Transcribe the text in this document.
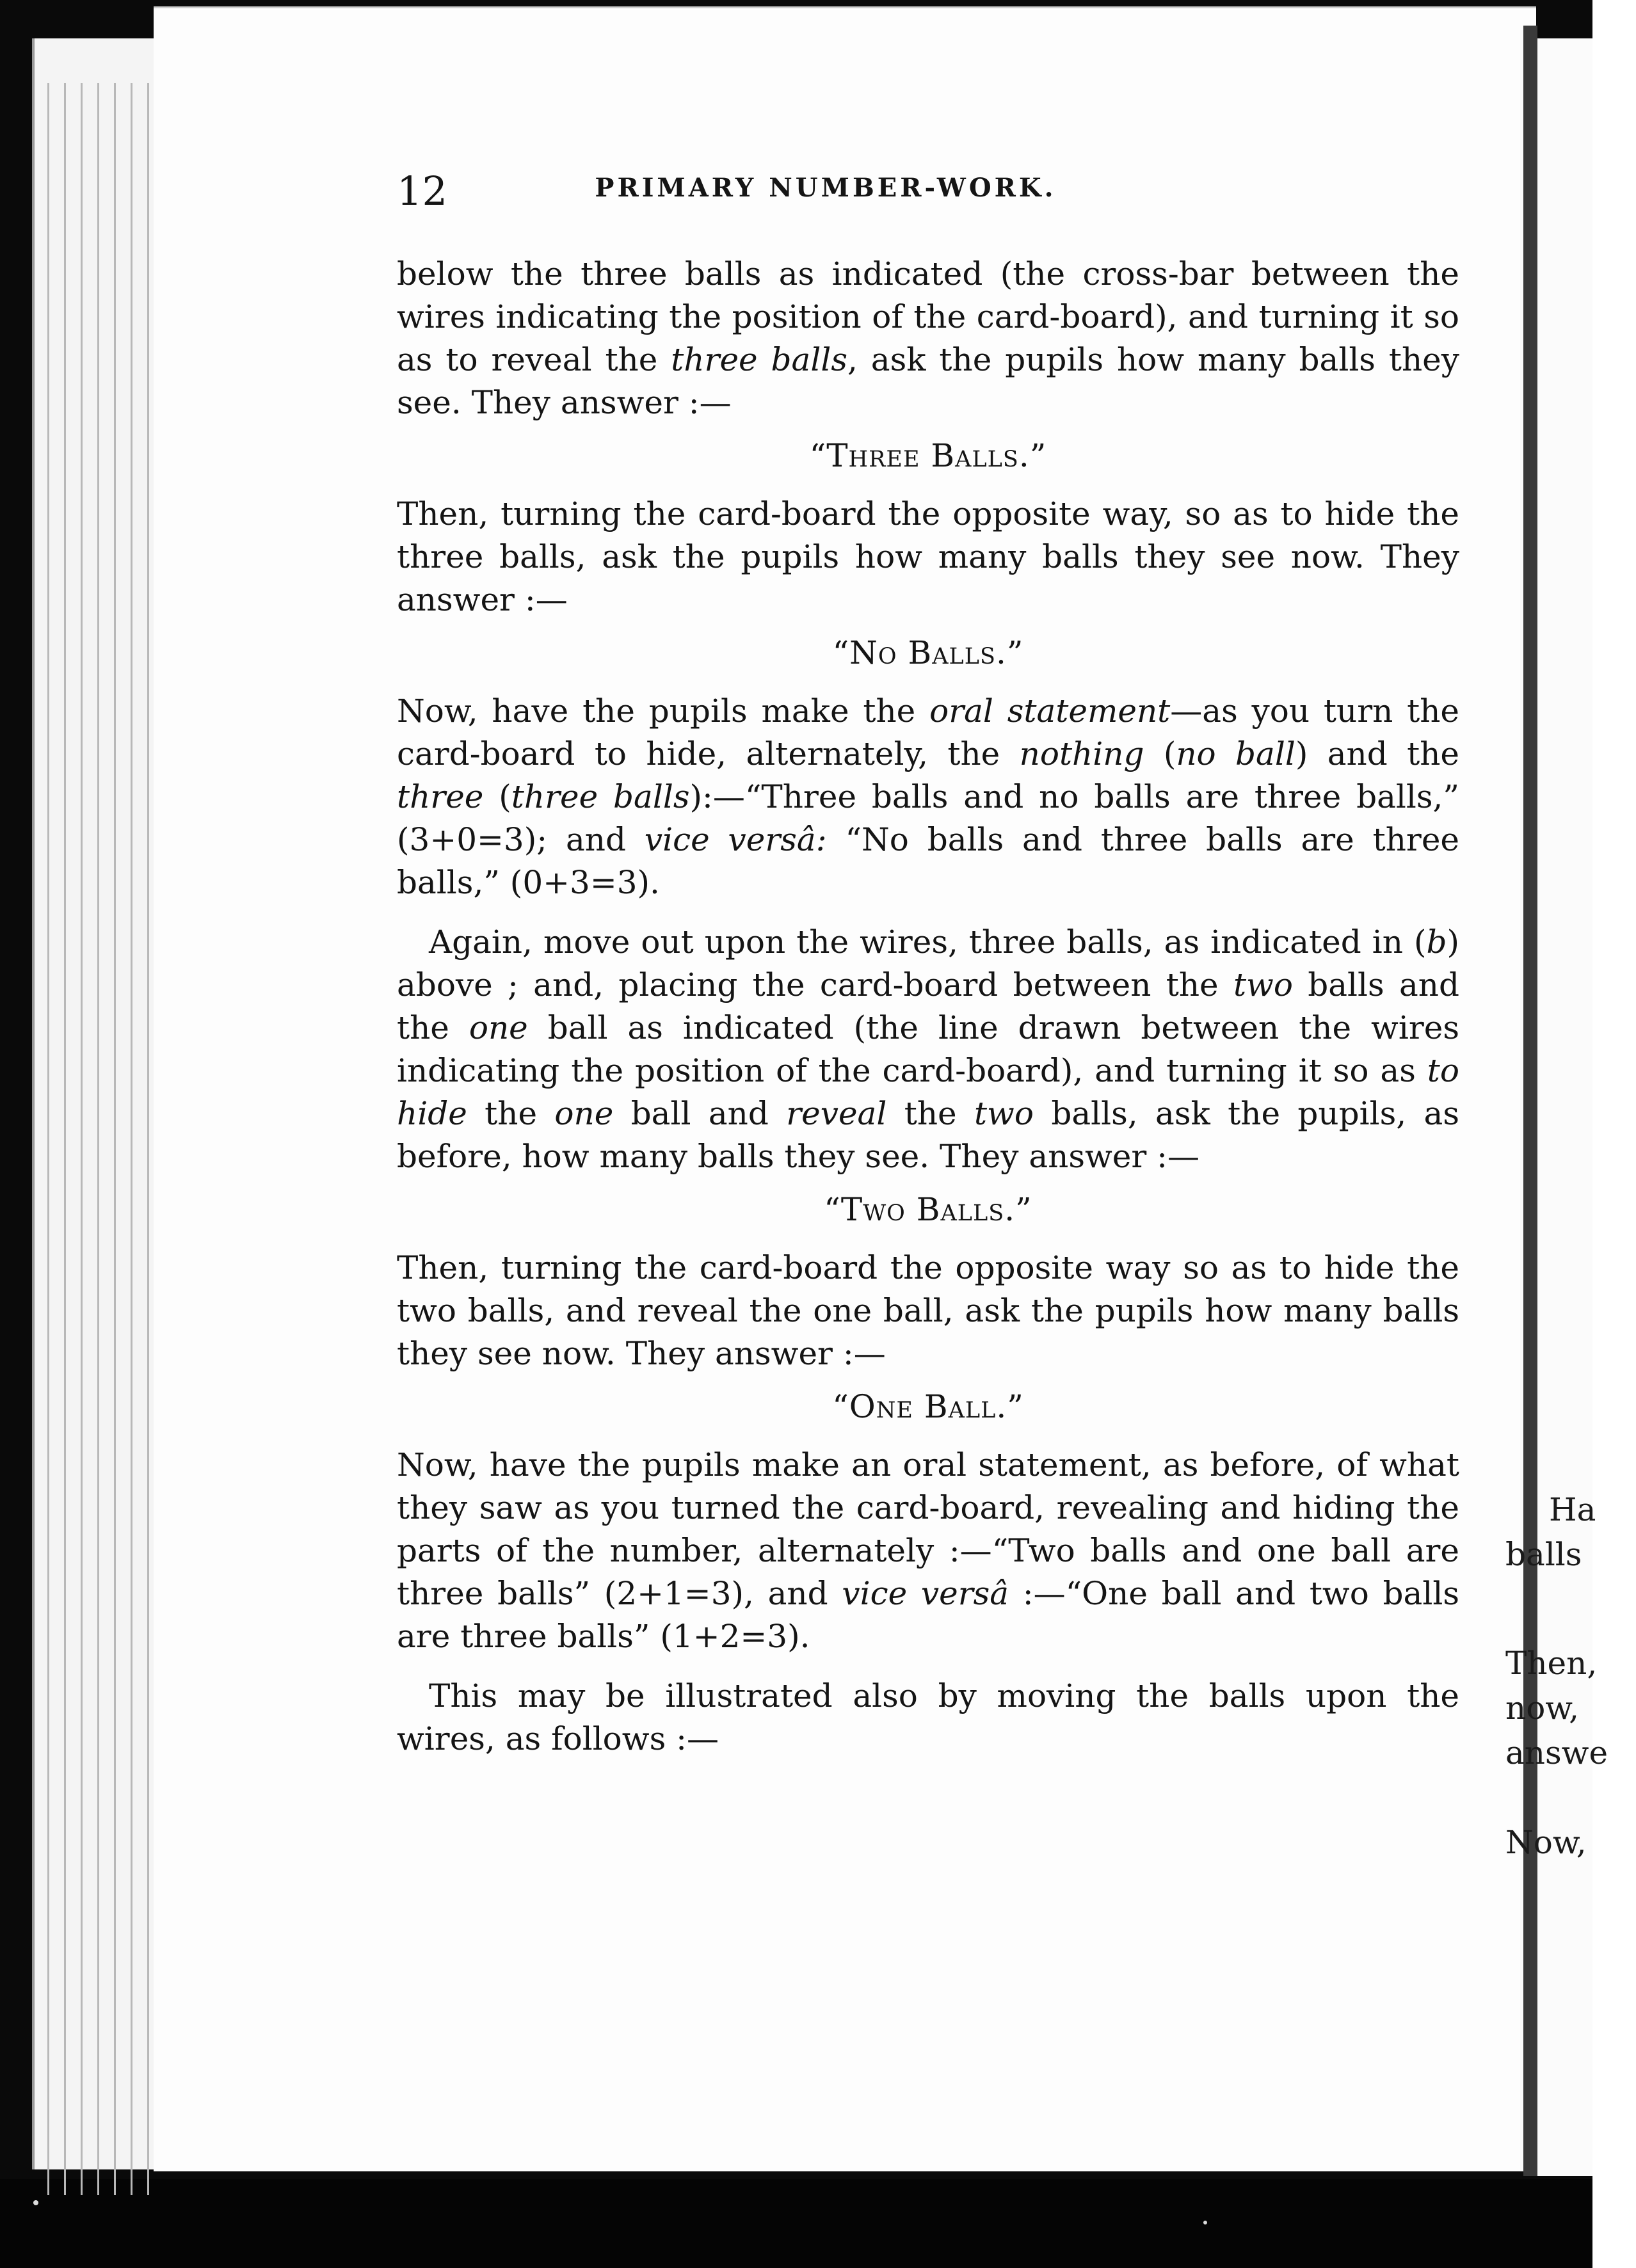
Ha
balls
Then,
now,
answe
Now,
12	PRIMARY NUMBER-WORK.

below the three balls as indicated (the cross-bar between the wires indicating the position of the card-board), and turning it so as to reveal the three balls, ask the pupils how many balls they see. They answer :—

“Three Balls.”

Then, turning the card-board the opposite way, so as to hide the three balls, ask the pupils how many balls they see now. They answer :—

“No Balls.”

Now, have the pupils make the oral statement—as you turn the card-board to hide, alternately, the nothing (no ball) and the three (three balls):—“Three balls and no balls are three balls,” (3+0=3); and vice versâ: “No balls and three balls are three balls,” (0+3=3).

Again, move out upon the wires, three balls, as indicated in (b) above ; and, placing the card-board between the two balls and the one ball as indicated (the line drawn between the wires indicating the position of the card-board), and turning it so as to hide the one ball and reveal the two balls, ask the pupils, as before, how many balls they see. They answer :—

“Two Balls.”

Then, turning the card-board the opposite way so as to hide the two balls, and reveal the one ball, ask the pupils how many balls they see now. They answer :—

“One Ball.”

Now, have the pupils make an oral statement, as before, of what they saw as you turned the card-board, revealing and hiding the parts of the number, alternately :—“Two balls and one ball are three balls” (2+1=3), and vice versâ :—“One ball and two balls are three balls” (1+2=3).

This may be illustrated also by moving the balls upon the wires, as follows :—
